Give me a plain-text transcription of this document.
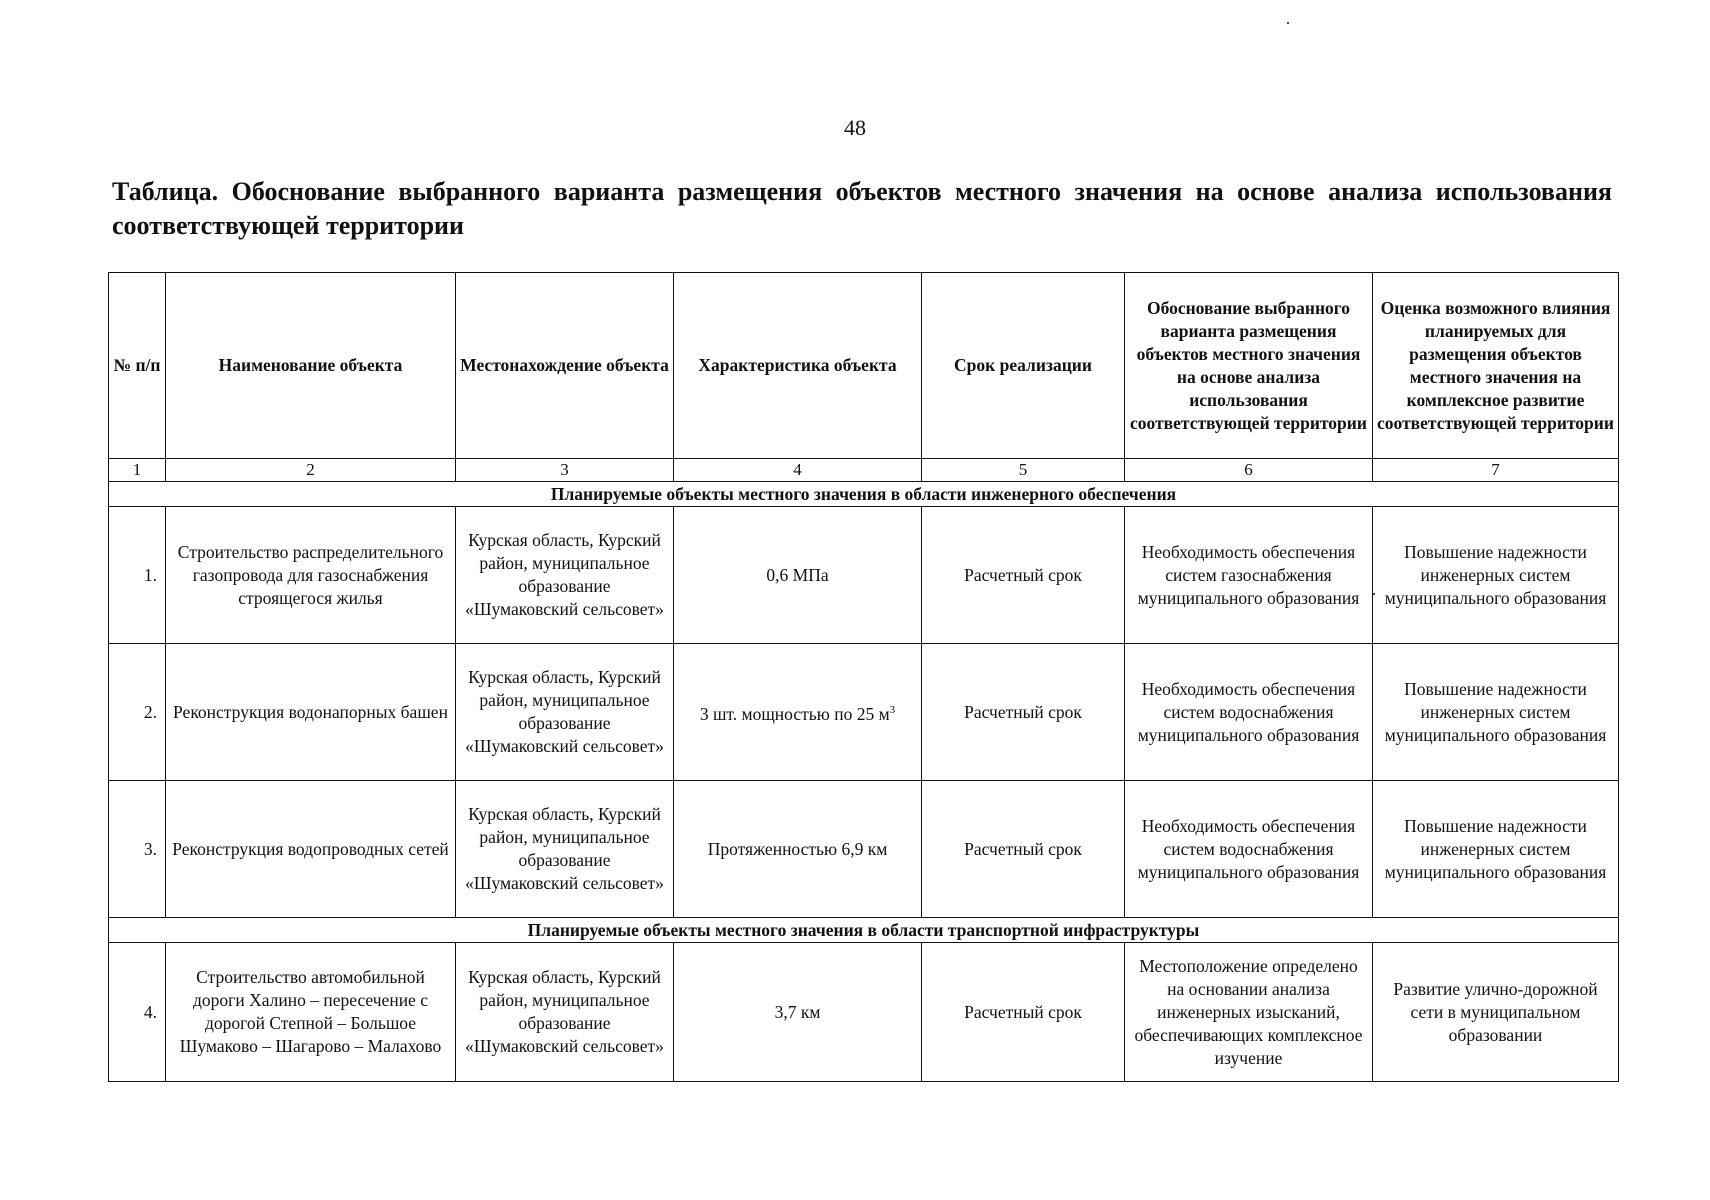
48
Таблица. Обоснование выбранного варианта размещения объектов местного значения на основе анализа использования соответствующей территории
№ п/п	Наименование объекта	Местонахождение объекта	Характеристика объекта	Срок реализации	Обоснование выбранного варианта размещения объектов местного значения на основе анализа использования соответствующей территории	Оценка возможного влияния планируемых для размещения объектов местного значения на комплексное развитие соответствующей территории
1	2	3	4	5	6	7
Планируемые объекты местного значения в области инженерного обеспечения						
1.	Строительство распределительного газопровода для газоснабжения строящегося жилья	Курская область, Курский район, муниципальное образование «Шумаковский сельсовет»	0,6 МПа	Расчетный срок	Необходимость обеспечения систем газоснабжения муниципального образования	Повышение надежности инженерных систем муниципального образования
2.	Реконструкция водонапорных башен	Курская область, Курский район, муниципальное образование «Шумаковский сельсовет»	3 шт. мощностью по 25 $м^3$	Расчетный срок	Необходимость обеспечения систем водоснабжения муниципального образования	Повышение надежности инженерных систем муниципального образования
3.	Реконструкция водопроводных сетей	Курская область, Курский район, муниципальное образование «Шумаковский сельсовет»	Протяженностью 6,9 км	Расчетный срок	Необходимость обеспечения систем водоснабжения муниципального образования	Повышение надежности инженерных систем муниципального образования
Планируемые объекты местного значения в области транспортной инфраструктуры						
4.	Строительство автомобильной дороги Халино – пересечение с дорогой Степной – Большое Шумаково – Шагарово – Малахово	Курская область, Курский район, муниципальное образование «Шумаковский сельсовет»	3,7 км	Расчетный срок	Местоположение определено на основании анализа инженерных изысканий, обеспечивающих комплексное изучение	Развитие улично-дорожной сети в муниципальном образовании
